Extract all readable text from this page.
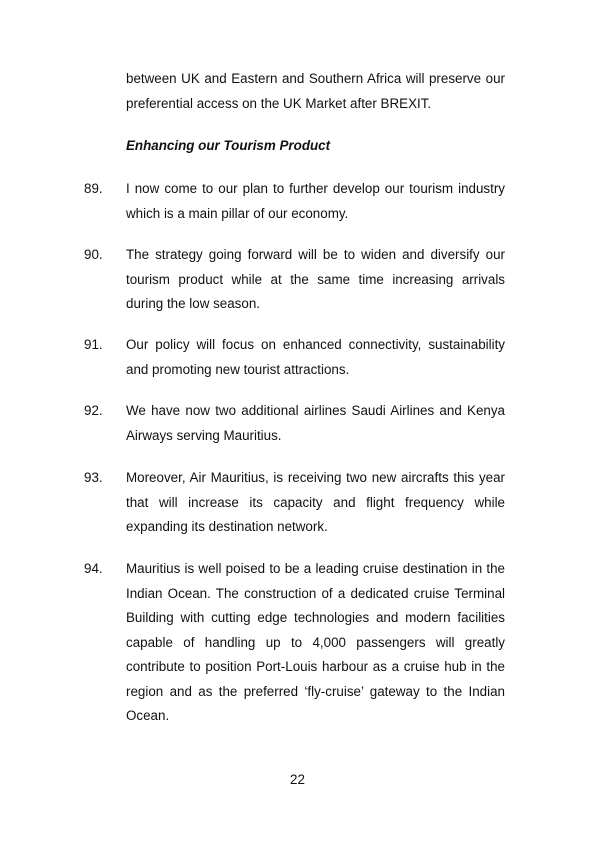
between UK and Eastern and Southern Africa will preserve our preferential access on the UK Market after BREXIT.
Enhancing our Tourism Product
89. I now come to our plan to further develop our tourism industry which is a main pillar of our economy.
90. The strategy going forward will be to widen and diversify our tourism product while at the same time increasing arrivals during the low season.
91. Our policy will focus on enhanced connectivity, sustainability and promoting new tourist attractions.
92. We have now two additional airlines Saudi Airlines and Kenya Airways serving Mauritius.
93. Moreover, Air Mauritius, is receiving two new aircrafts this year that will increase its capacity and flight frequency while expanding its destination network.
94. Mauritius is well poised to be a leading cruise destination in the Indian Ocean. The construction of a dedicated cruise Terminal Building with cutting edge technologies and modern facilities capable of handling up to 4,000 passengers will greatly contribute to position Port-Louis harbour as a cruise hub in the region and as the preferred ‘fly-cruise’ gateway to the Indian Ocean.
22
